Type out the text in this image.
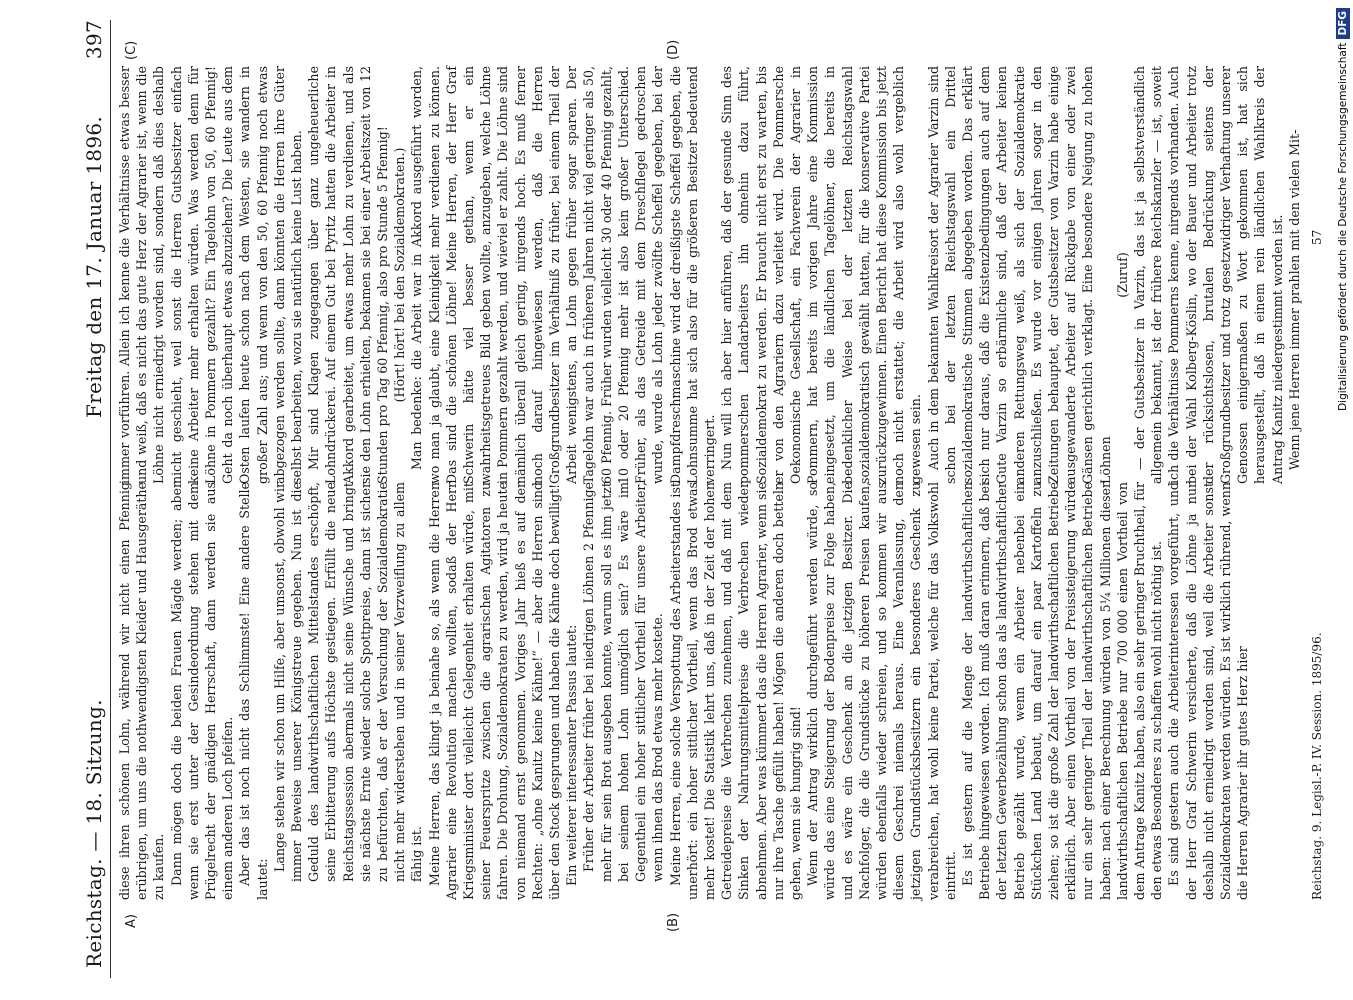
Reichstag. — 18. Sitzung.
Freitag den 17. Januar 1896.
397
A)	(B)
(C)	(D)

diese ihren schönen Lohn, während wir nicht einen Pfennig erübrigen, um uns die nothwendigsten Kleider und Hausgeräthe zu kaufen. Dann mögen doch die beiden Frauen Mägde werden; aber wenn sie erst unter der Gesindeordnung stehen mit dem Prügelrecht der gnädigen Herrschaft, dann werden sie aus einem anderen Loch pfeifen. Aber das ist noch nicht das Schlimmste! Eine andere Stelle lautet:

Lange stehen wir schon um Hilfe, aber umsonst, obwohl wir immer Beweise unserer Königstreue gegeben. Nun ist die Geduld des landwirthschaftlichen Mittelstandes erschöpft, seine Erbitterung aufs Höchste gestiegen. Erfüllt die neue Reichstagssession abermals nicht seine Wünsche und bringt sie nächste Ernte wieder solche Spottpreise, dann ist sicher zu befürchten, daß er der Versuchung der Sozialdemokratie nicht mehr widerstehen und in seiner Verzweiflung zu allem fähig ist. Meine Herren, das klingt ja beinahe so, als wenn die Herren Agrarier eine Revolution machen wollten, sodaß der Herr Kriegsminister dort vielleicht Gelegenheit erhalten würde, mit seiner Feuerspritze zwischen die agrarischen Agitatoren zu fahren. Die Drohung, Sozialdemokraten zu werden, wird ja heute von niemand ernst genommen. Voriges Jahr hieß es auf der Rechten: „ohne Kanitz keine Kähne!“ — aber die Herren sind über den Stock gesprungen und haben die Kähne doch bewilligt! Ein weiterer interessanter Passus lautet: Früher der Arbeiter früher bei niedrigen Löhnen 2 Pfennige mehr für sein Brot ausgeben konnte, warum soll es ihm jetzt bei seinem hohen Lohn unmöglich sein? Es wäre im Gegentheil ein hoher sittlicher Vortheil für unsere Arbeiter, wenn ihnen das Brod etwas mehr kostete. Meine Herren, eine solche Verspottung des Arbeiterstandes ist unerhört: ein hoher sittlicher Vortheil, wenn das Brod etwas mehr kostet! Die Statistik lehrt uns, daß in der Zeit der hohen Getreidepreise die Verbrechen zunehmen, und daß mit dem Sinken der Nahrungsmittelpreise die Verbrechen wieder abnehmen. Aber was kümmert das die Herren Agrarier, wenn sie nur ihre Tasche gefüllt haben! Mögen die anderen doch betteln gehen, wenn sie hungrig sind! Wenn der Antrag wirklich durchgeführt werden würde, so würde das eine Steigerung der Bodenpreise zur Folge haben, und es wäre ein Geschenk an die jetzigen Besitzer. Die Nachfolger, die die Grundstücke zu höheren Preisen kaufen, würden ebenfalls wieder schreien, und so kommen wir aus diesem Geschrei niemals heraus. Eine Veranlassung, den jetzigen Grundstücksbesitzern ein besonderes Geschenk zu verabreichen, hat wohl keine Partei, welche für das Volkswohl eintritt. Es ist gestern auf die Menge der landwirthschaftlichen Betriebe hingewiesen worden. Ich muß daran erinnern, daß bei der letzten Gewerbezählung schon das als landwirthschaftlicher Betrieb gezählt wurde, wenn ein Arbeiter nebenbei ein Stückchen Land bebaut, um darauf ein paar Kartoffeln zu ziehen; so ist die große Zahl der landwirthschaftlichen Betriebe erklärlich. Aber einen Vortheil von der Preissteigerung würde nur ein sehr geringer Theil der landwirthschaftlichen Betriebe haben: nach einer Berechnung würden von 5¼ Millionen dieser landwirthschaftlichen Betriebe nur 700 000 einen Vortheil von dem Antrage Kanitz haben, also ein sehr geringer Bruchtheil, für den etwas Besonderes zu schaffen wohl nicht nöthig ist. Es sind gestern auch die Arbeiterinteressen vorgeführt, und der Herr Graf Schwerin versicherte, daß die Löhne ja nur deshalb nicht erniedrigt worden sind, weil die Arbeiter sonst Sozialdemokraten werden würden. Es ist wirklich rührend, wenn die Herren Agrarier ihr gutes Herz hier

immer vorführen. Allein ich kenne die Verhältnisse etwas besser und weiß, daß es nicht das gute Herz der Agrarier ist, wenn die Löhne nicht erniedrigt worden sind, sondern daß dies deshalb nicht geschieht, weil sonst die Herren Gutsbesitzer einfach keine Arbeiter mehr erhalten würden. Was werden denn für Löhne in Pommern gezahlt? Ein Tagelohn von 50, 60 Pfennig! Geht da noch überhaupt etwas abzuziehen? Die Leute aus dem Osten laufen heute schon nach dem Westen, sie wandern in großer Zahl aus; und wenn von den 50, 60 Pfennig noch etwas abgezogen werden sollte, dann könnten die Herren ihre Güter selbst bearbeiten, wozu sie natürlich keine Lust haben. Mir sind Klagen zugegangen über ganz ungeheuerliche Lohndrückerei. Auf einem Gut bei Pyritz hatten die Arbeiter in Akkord gearbeitet, um etwas mehr Lohn zu verdienen, und als sie den Lohn erhielten, bekamen sie bei einer Arbeitszeit von 12 Stunden pro Tag 60 Pfennig, also pro Stunde 5 Pfennig! (Hört! hört! bei den Sozialdemokraten.) Man bedenke: die Arbeit war in Akkord ausgeführt worden, wo man ja glaubt, eine Kleinigkeit mehr verdienen zu können. Das sind die schönen Löhne! Meine Herren, der Herr Graf Schwerin hätte viel besser gethan, wenn er ein wahrheitsgetreues Bild geben wollte, anzugeben, welche Löhne in Pommern gezahlt werden, und wieviel er zahlt. Die Löhne sind nämlich überall gleich gering, nirgends hoch. Es muß ferner noch darauf hingewiesen werden, daß die Herren Großgrundbesitzer im Verhältniß zu früher, bei einem Theil der Arbeit wenigstens, an Lohn gegen früher sogar sparen. Der Tagelohn war auch in früheren Jahren nicht viel geringer als 50, 60 Pfennig. Früher wurden vielleicht 30 oder 40 Pfennig gezahlt, 10 oder 20 Pfennig mehr ist also kein großer Unterschied. Früher, als das Getreide mit dem Dreschflegel gedroschen wurde, wurde als Lohn jeder zwölfte Scheffel gegeben, bei der Dampfdreschmaschine wird der dreißigste Scheffel gegeben, die Lohnsumme hat sich also für die größeren Besitzer bedeutend verringert. Nun will ich aber hier anführen, daß der gesunde Sinn des pommerschen Landarbeiters ihn ohnehin dazu führt, Sozialdemokrat zu werden. Er braucht nicht erst zu warten, bis er von den Agrariern dazu verleitet wird. Die Pommersche Oekonomische Gesellschaft, ein Fachverein der Agrarier in Pommern, hat bereits im vorigen Jahre eine Kommission eingesetzt, um die ländlichen Tagelöhner, die bereits in bedenklicher Weise bei der letzten Reichstagswahl sozialdemokratisch gewählt hatten, für die konservative Partei zurückzugewinnen. Einen Bericht hat diese Kommission bis jetzt noch nicht erstattet; die Arbeit wird also wohl vergeblich gewesen sein. Auch in dem bekannten Wahlkreisort der Agrarier Varzin sind schon bei der letzten Reichstagswahl ein Drittel sozialdemokratische Stimmen abgegeben worden. Das erklärt sich nur daraus, daß die Existenzbedingungen auch auf dem Gute Varzin so erbärmliche sind, daß der Arbeiter keinen anderen Rettungsweg weiß, als sich der Sozialdemokratie anzuschließen. Es wurde vor einigen Jahren sogar in den Zeitungen behauptet, der Gutsbesitzer von Varzin habe einige ausgewanderte Arbeiter auf Rückgabe von einer oder zwei Gänsen gerichtlich verklagt. Eine besondere Neigung zu hohen Löhnen

(Zuruf) — der Gutsbesitzer in Varzin, das ist ja selbstverständlich allgemein bekannt, ist der frühere Reichskanzler — ist, soweit ich die Verhältnisse Pommerns kenne, nirgends vorhanden. Auch bei der Wahl Kolberg-Köslin, wo der Bauer und Arbeiter trotz der rücksichtslosen, brutalen Bedrückung seitens der Großgrundbesitzer und trotz gesetzwidriger Verhaftung unserer Genossen einigermaßen zu Wort gekommen ist, hat sich herausgestellt, daß in einem rein ländlichen Wahlkreis der Antrag Kanitz niedergestimmt worden ist. Wenn jene Herren immer prahlen mit den vielen Mit-

Reichstag. 9. Legisl.-P. IV. Session. 1895/96.
57 Digitalisierung gefördert durch die Deutsche ForschungsgemeinschaftDFG
